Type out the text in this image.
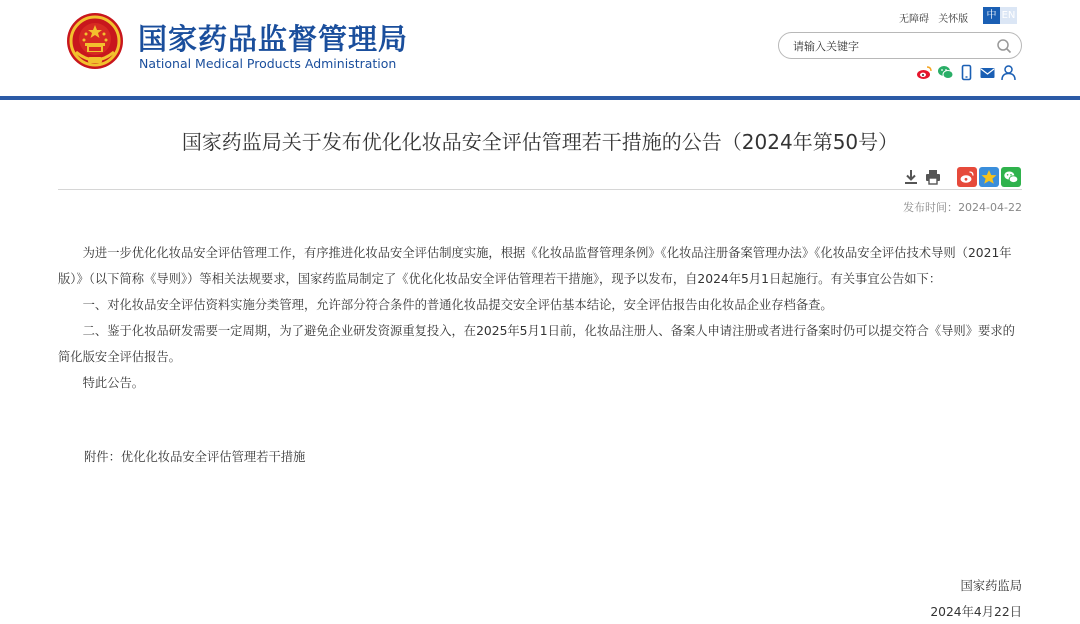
国家药品监督管理局
National Medical Products Administration
无障碍 关怀版	中 EN
请输入关键字
国家药监局关于发布优化化妆品安全评估管理若干措施的公告（2024年第50号）
发布时间：2024-04-22

为进一步优化化妆品安全评估管理工作，有序推进化妆品安全评估制度实施，根据《化妆品监督管理条例》《化妆品注册备案管理办法》《化妆品安全评估技术导则（2021年版）》（以下简称《导则》）等相关法规要求，国家药监局制定了《优化化妆品安全评估管理若干措施》，现予以发布，自2024年5月1日起施行。有关事宜公告如下：

一、对化妆品安全评估资料实施分类管理，允许部分符合条件的普通化妆品提交安全评估基本结论，安全评估报告由化妆品企业存档备查。

二、鉴于化妆品研发需要一定周期，为了避免企业研发资源重复投入，在2025年5月1日前，化妆品注册人、备案人申请注册或者进行备案时仍可以提交符合《导则》要求的简化版安全评估报告。

特此公告。

附件：优化化妆品安全评估管理若干措施
国家药监局
2024年4月22日
